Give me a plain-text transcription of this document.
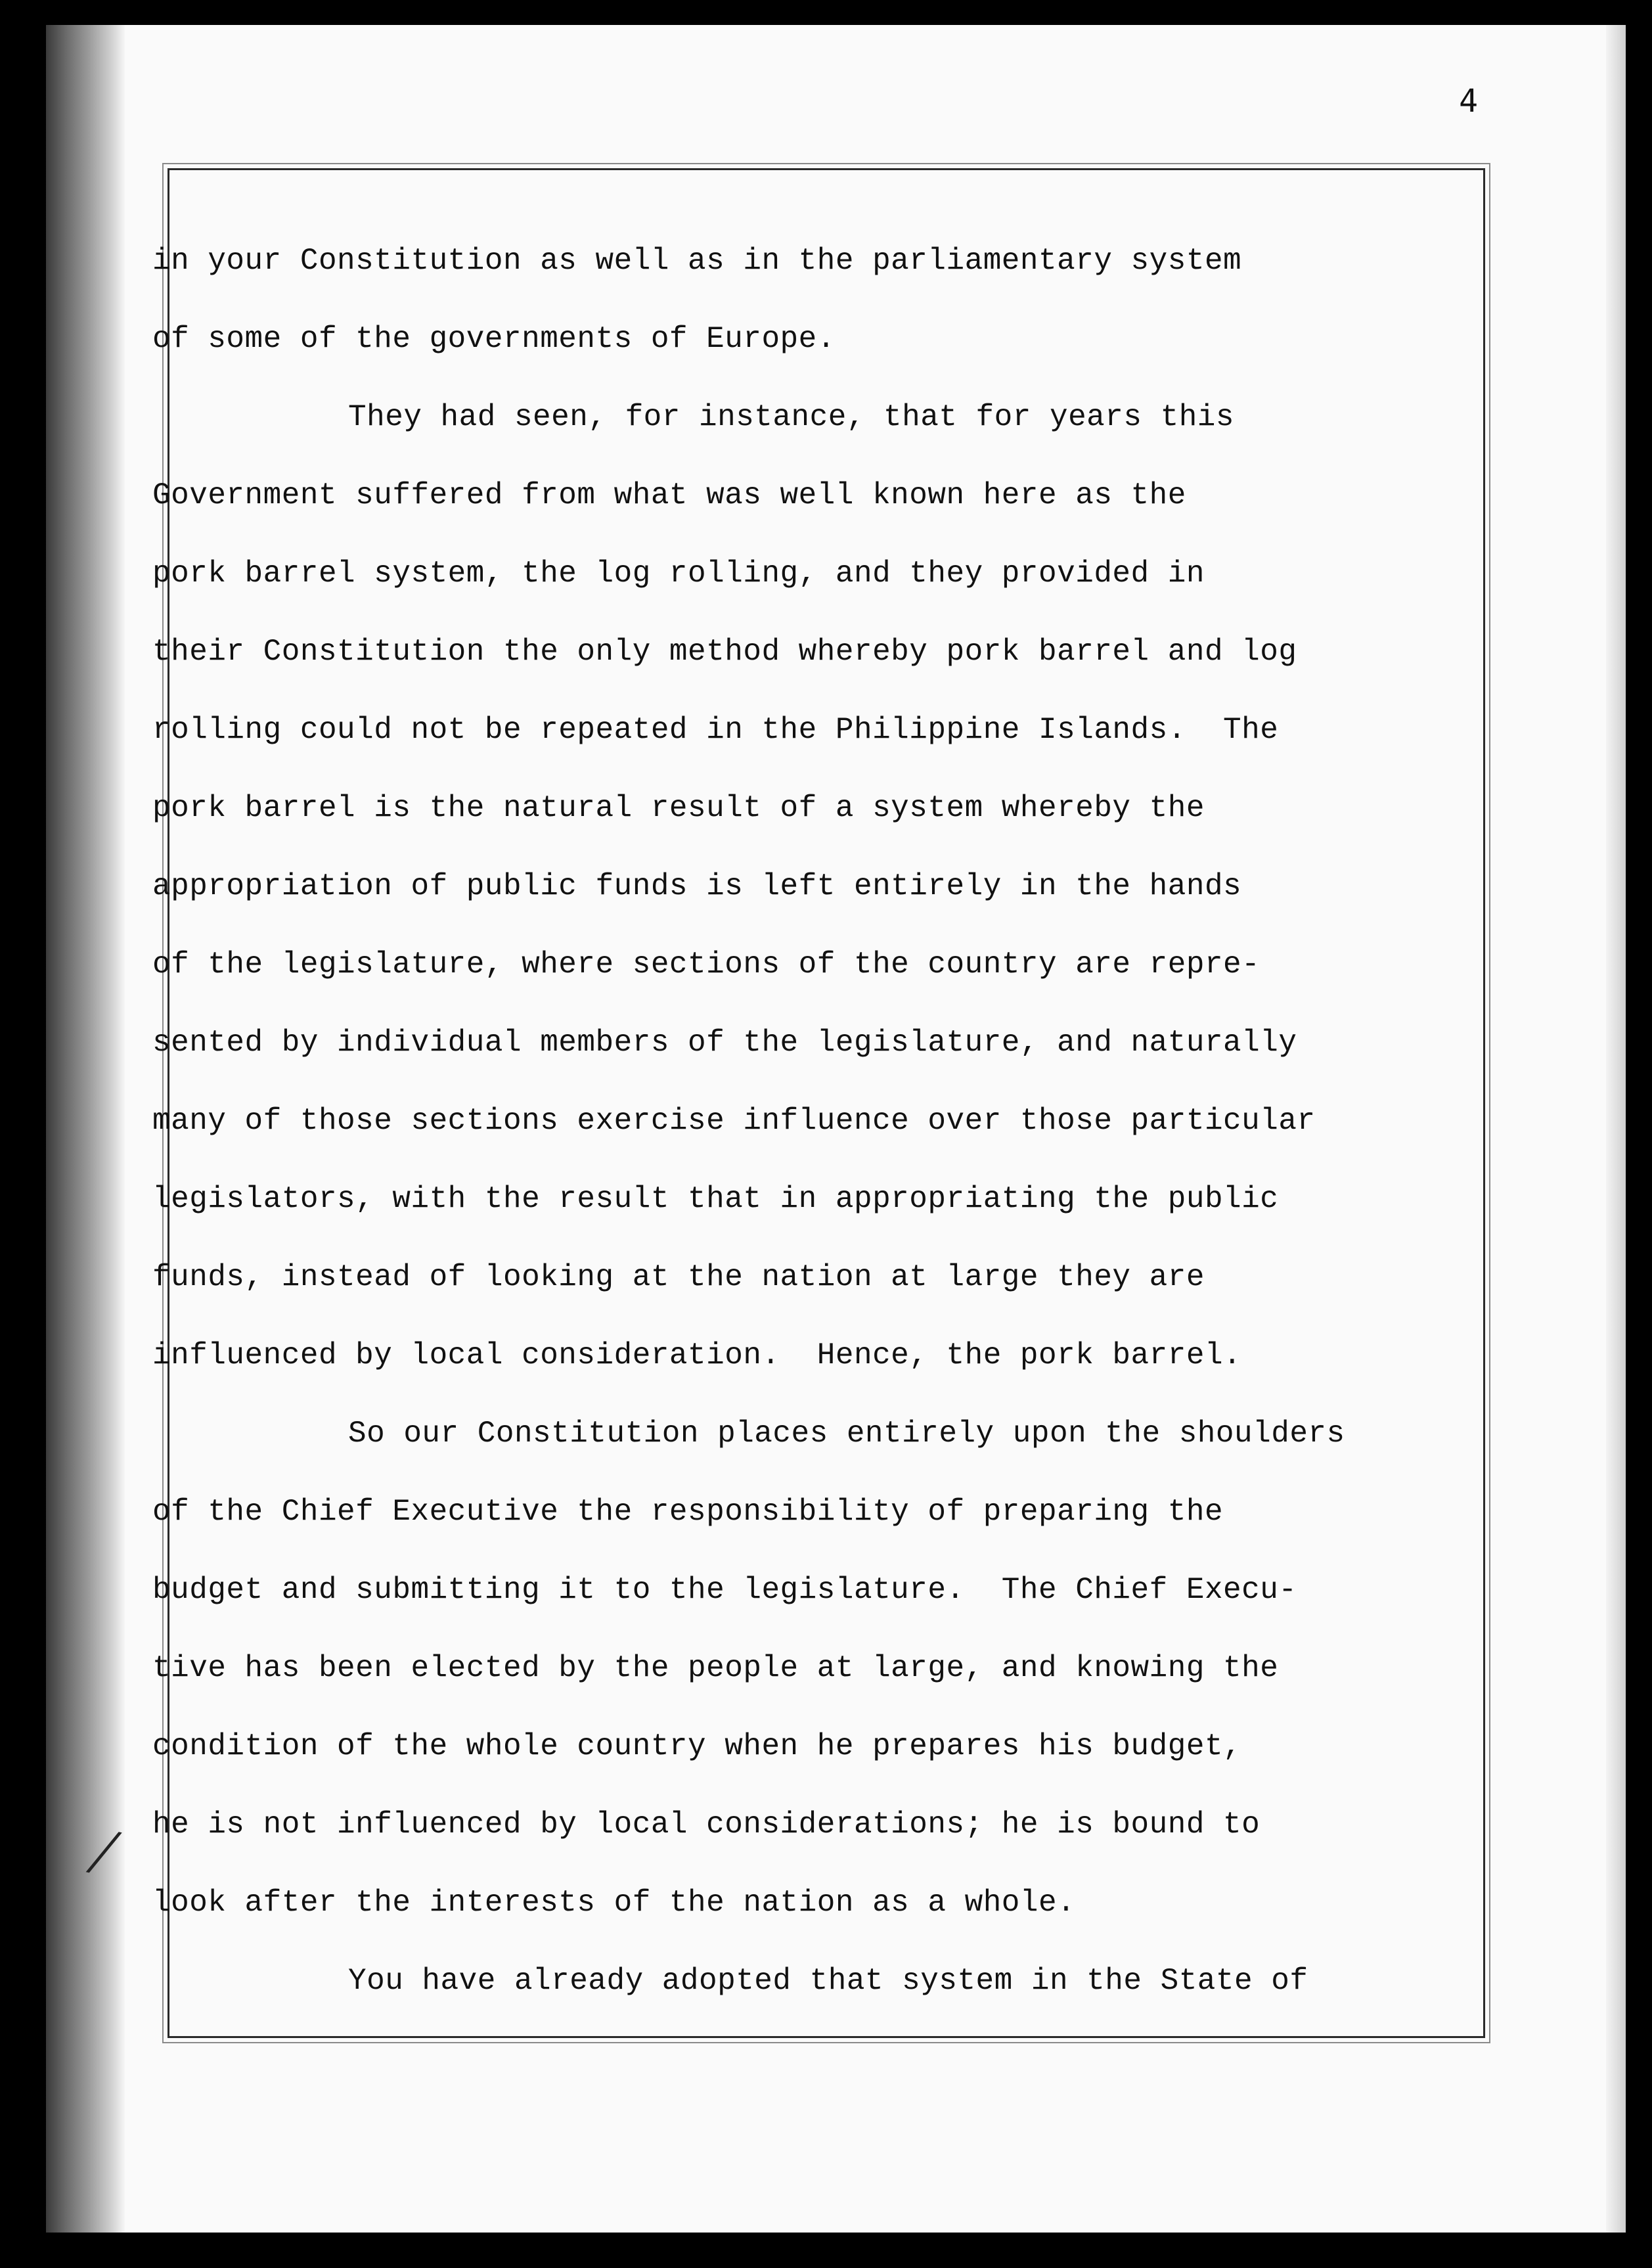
4
in your Constitution as well as in the parliamentary system
of some of the governments of Europe.
They had seen, for instance, that for years this
Government suffered from what was well known here as the
pork barrel system, the log rolling, and they provided in
their Constitution the only method whereby pork barrel and log
rolling could not be repeated in the Philippine Islands.  The
pork barrel is the natural result of a system whereby the
appropriation of public funds is left entirely in the hands
of the legislature, where sections of the country are repre-
sented by individual members of the legislature, and naturally
many of those sections exercise influence over those particular
legislators, with the result that in appropriating the public
funds, instead of looking at the nation at large they are
influenced by local consideration.  Hence, the pork barrel.
So our Constitution places entirely upon the shoulders
of the Chief Executive the responsibility of preparing the
budget and submitting it to the legislature.  The Chief Execu-
tive has been elected by the people at large, and knowing the
condition of the whole country when he prepares his budget,
he is not influenced by local considerations; he is bound to
look after the interests of the nation as a whole.
You have already adopted that system in the State of
╱
